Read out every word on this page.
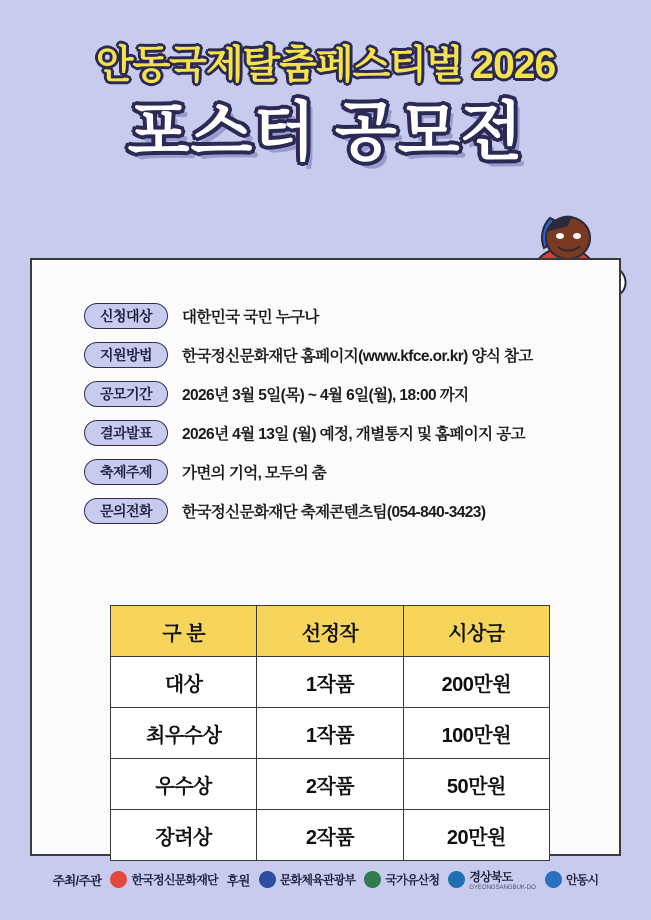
안동국제탈춤페스티벌 2026
포스터 공모전
신청대상	대한민국 국민 누구나
지원방법	한국정신문화재단 홈페이지(www.kfce.or.kr) 양식 참고
공모기간	2026년 3월 5일(목) ~ 4월 6일(월), 18:00 까지
결과발표	2026년 4월 13일 (월) 예정, 개별통지 및 홈페이지 공고
축제주제	가면의 기억, 모두의 춤
문의전화	한국정신문화재단 축제콘텐츠팀(054-840-3423)
구 분	선정작	시상금
대상	1작품	200만원
최우수상	1작품	100만원
우수상	2작품	50만원
장려상	2작품	20만원
주최/주관	한국정신문화재단 후원	문화체육관광부	국가유산청	경상북도
GYEONGSANGBUK-DO
안동시
